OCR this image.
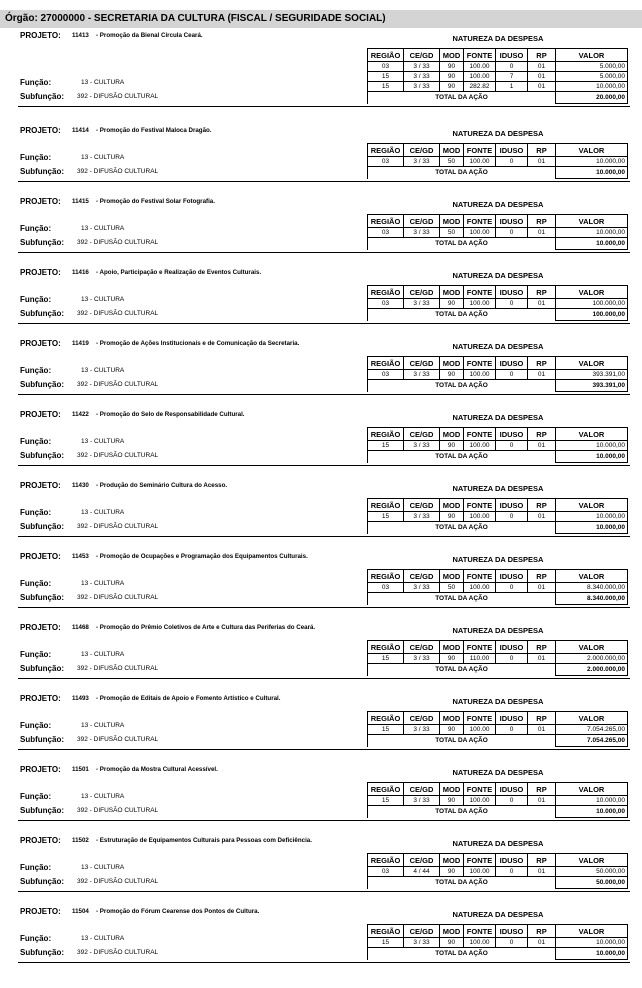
Órgão: 27000000 - SECRETARIA DA CULTURA (FISCAL / SEGURIDADE SOCIAL)
PROJETO: 11413 - Promoção da Bienal Circula Ceará.	NATUREZA DA DESPESA
REGIÃO	CE/GD	MOD	FONTE	IDUSO	RP	VALOR
03	3 / 33	90	100.00	0	01	5.000,00
15	3 / 33	90	100.00	7	01	5.000,00
15	3 / 33	90	282.82	1	01	10.000,00
TOTAL DA AÇÃO						20.000,00
Função:	13 - CULTURA
Subfunção: 392 - DIFUSÃO CULTURAL
PROJETO: 11414 - Promoção do Festival Maloca Dragão.	NATUREZA DA DESPESA
REGIÃO	CE/GD	MOD	FONTE	IDUSO	RP	VALOR
03	3 / 33	50	100.00	0	01	10.000,00
TOTAL DA AÇÃO						10.000,00
Função:	13 - CULTURA
Subfunção: 392 - DIFUSÃO CULTURAL
PROJETO: 11415 - Promoção do Festival Solar Fotografia.	NATUREZA DA DESPESA
REGIÃO	CE/GD	MOD	FONTE	IDUSO	RP	VALOR
03	3 / 33	50	100.00	0	01	10.000,00
TOTAL DA AÇÃO						10.000,00
Função:	13 - CULTURA
Subfunção: 392 - DIFUSÃO CULTURAL
PROJETO: 11416 - Apoio, Participação e Realização de Eventos Culturais.	NATUREZA DA DESPESA
REGIÃO	CE/GD	MOD	FONTE	IDUSO	RP	VALOR
03	3 / 33	90	100.00	0	01	100.000,00
TOTAL DA AÇÃO						100.000,00
Função:	13 - CULTURA
Subfunção: 392 - DIFUSÃO CULTURAL
PROJETO: 11419 - Promoção de Ações Institucionais e de Comunicação da Secretaria.	NATUREZA DA DESPESA
REGIÃO	CE/GD	MOD	FONTE	IDUSO	RP	VALOR
03	3 / 33	90	100.00	0	01	393.391,00
TOTAL DA AÇÃO						393.391,00
Função:	13 - CULTURA
Subfunção: 392 - DIFUSÃO CULTURAL
PROJETO: 11422 - Promoção do Selo de Responsabilidade Cultural.	NATUREZA DA DESPESA
REGIÃO	CE/GD	MOD	FONTE	IDUSO	RP	VALOR
15	3 / 33	90	100.00	0	01	10.000,00
TOTAL DA AÇÃO						10.000,00
Função:	13 - CULTURA
Subfunção: 392 - DIFUSÃO CULTURAL
PROJETO: 11430 - Produção do Seminário Cultura do Acesso.	NATUREZA DA DESPESA
REGIÃO	CE/GD	MOD	FONTE	IDUSO	RP	VALOR
15	3 / 33	90	100.00	0	01	10.000,00
TOTAL DA AÇÃO						10.000,00
Função:	13 - CULTURA
Subfunção: 392 - DIFUSÃO CULTURAL
PROJETO: 11453 - Promoção de Ocupações e Programação dos Equipamentos Culturais.	NATUREZA DA DESPESA
REGIÃO	CE/GD	MOD	FONTE	IDUSO	RP	VALOR
03	3 / 33	50	100.00	0	01	8.340.000,00
TOTAL DA AÇÃO						8.340.000,00
Função:	13 - CULTURA
Subfunção: 392 - DIFUSÃO CULTURAL
PROJETO: 11468 - Promoção do Prêmio Coletivos de Arte e Cultura das Periferias do Ceará.	NATUREZA DA DESPESA
REGIÃO	CE/GD	MOD	FONTE	IDUSO	RP	VALOR
15	3 / 33	90	110.00	0	01	2.000.000,00
TOTAL DA AÇÃO						2.000.000,00
Função:	13 - CULTURA
Subfunção: 392 - DIFUSÃO CULTURAL
PROJETO: 11493 - Promoção de Editais de Apoio e Fomento Artístico e Cultural.	NATUREZA DA DESPESA
REGIÃO	CE/GD	MOD	FONTE	IDUSO	RP	VALOR
15	3 / 33	90	100.00	0	01	7.054.265,00
TOTAL DA AÇÃO						7.054.265,00
Função:	13 - CULTURA
Subfunção: 392 - DIFUSÃO CULTURAL
PROJETO: 11501 - Promoção da Mostra Cultural Acessível.	NATUREZA DA DESPESA
REGIÃO	CE/GD	MOD	FONTE	IDUSO	RP	VALOR
15	3 / 33	90	100.00	0	01	10.000,00
TOTAL DA AÇÃO						10.000,00
Função:	13 - CULTURA
Subfunção: 392 - DIFUSÃO CULTURAL
PROJETO: 11502 - Estruturação de Equipamentos Culturais para Pessoas com Deficiência.	NATUREZA DA DESPESA
REGIÃO	CE/GD	MOD	FONTE	IDUSO	RP	VALOR
03	4 / 44	90	100.00	0	01	50.000,00
TOTAL DA AÇÃO						50.000,00
Função:	13 - CULTURA
Subfunção: 392 - DIFUSÃO CULTURAL
PROJETO: 11504 - Promoção do Fórum Cearense dos Pontos de Cultura.	NATUREZA DA DESPESA
REGIÃO	CE/GD	MOD	FONTE	IDUSO	RP	VALOR
15	3 / 33	90	100.00	0	01	10.000,00
TOTAL DA AÇÃO						10.000,00
Função:	13 - CULTURA
Subfunção: 392 - DIFUSÃO CULTURAL
